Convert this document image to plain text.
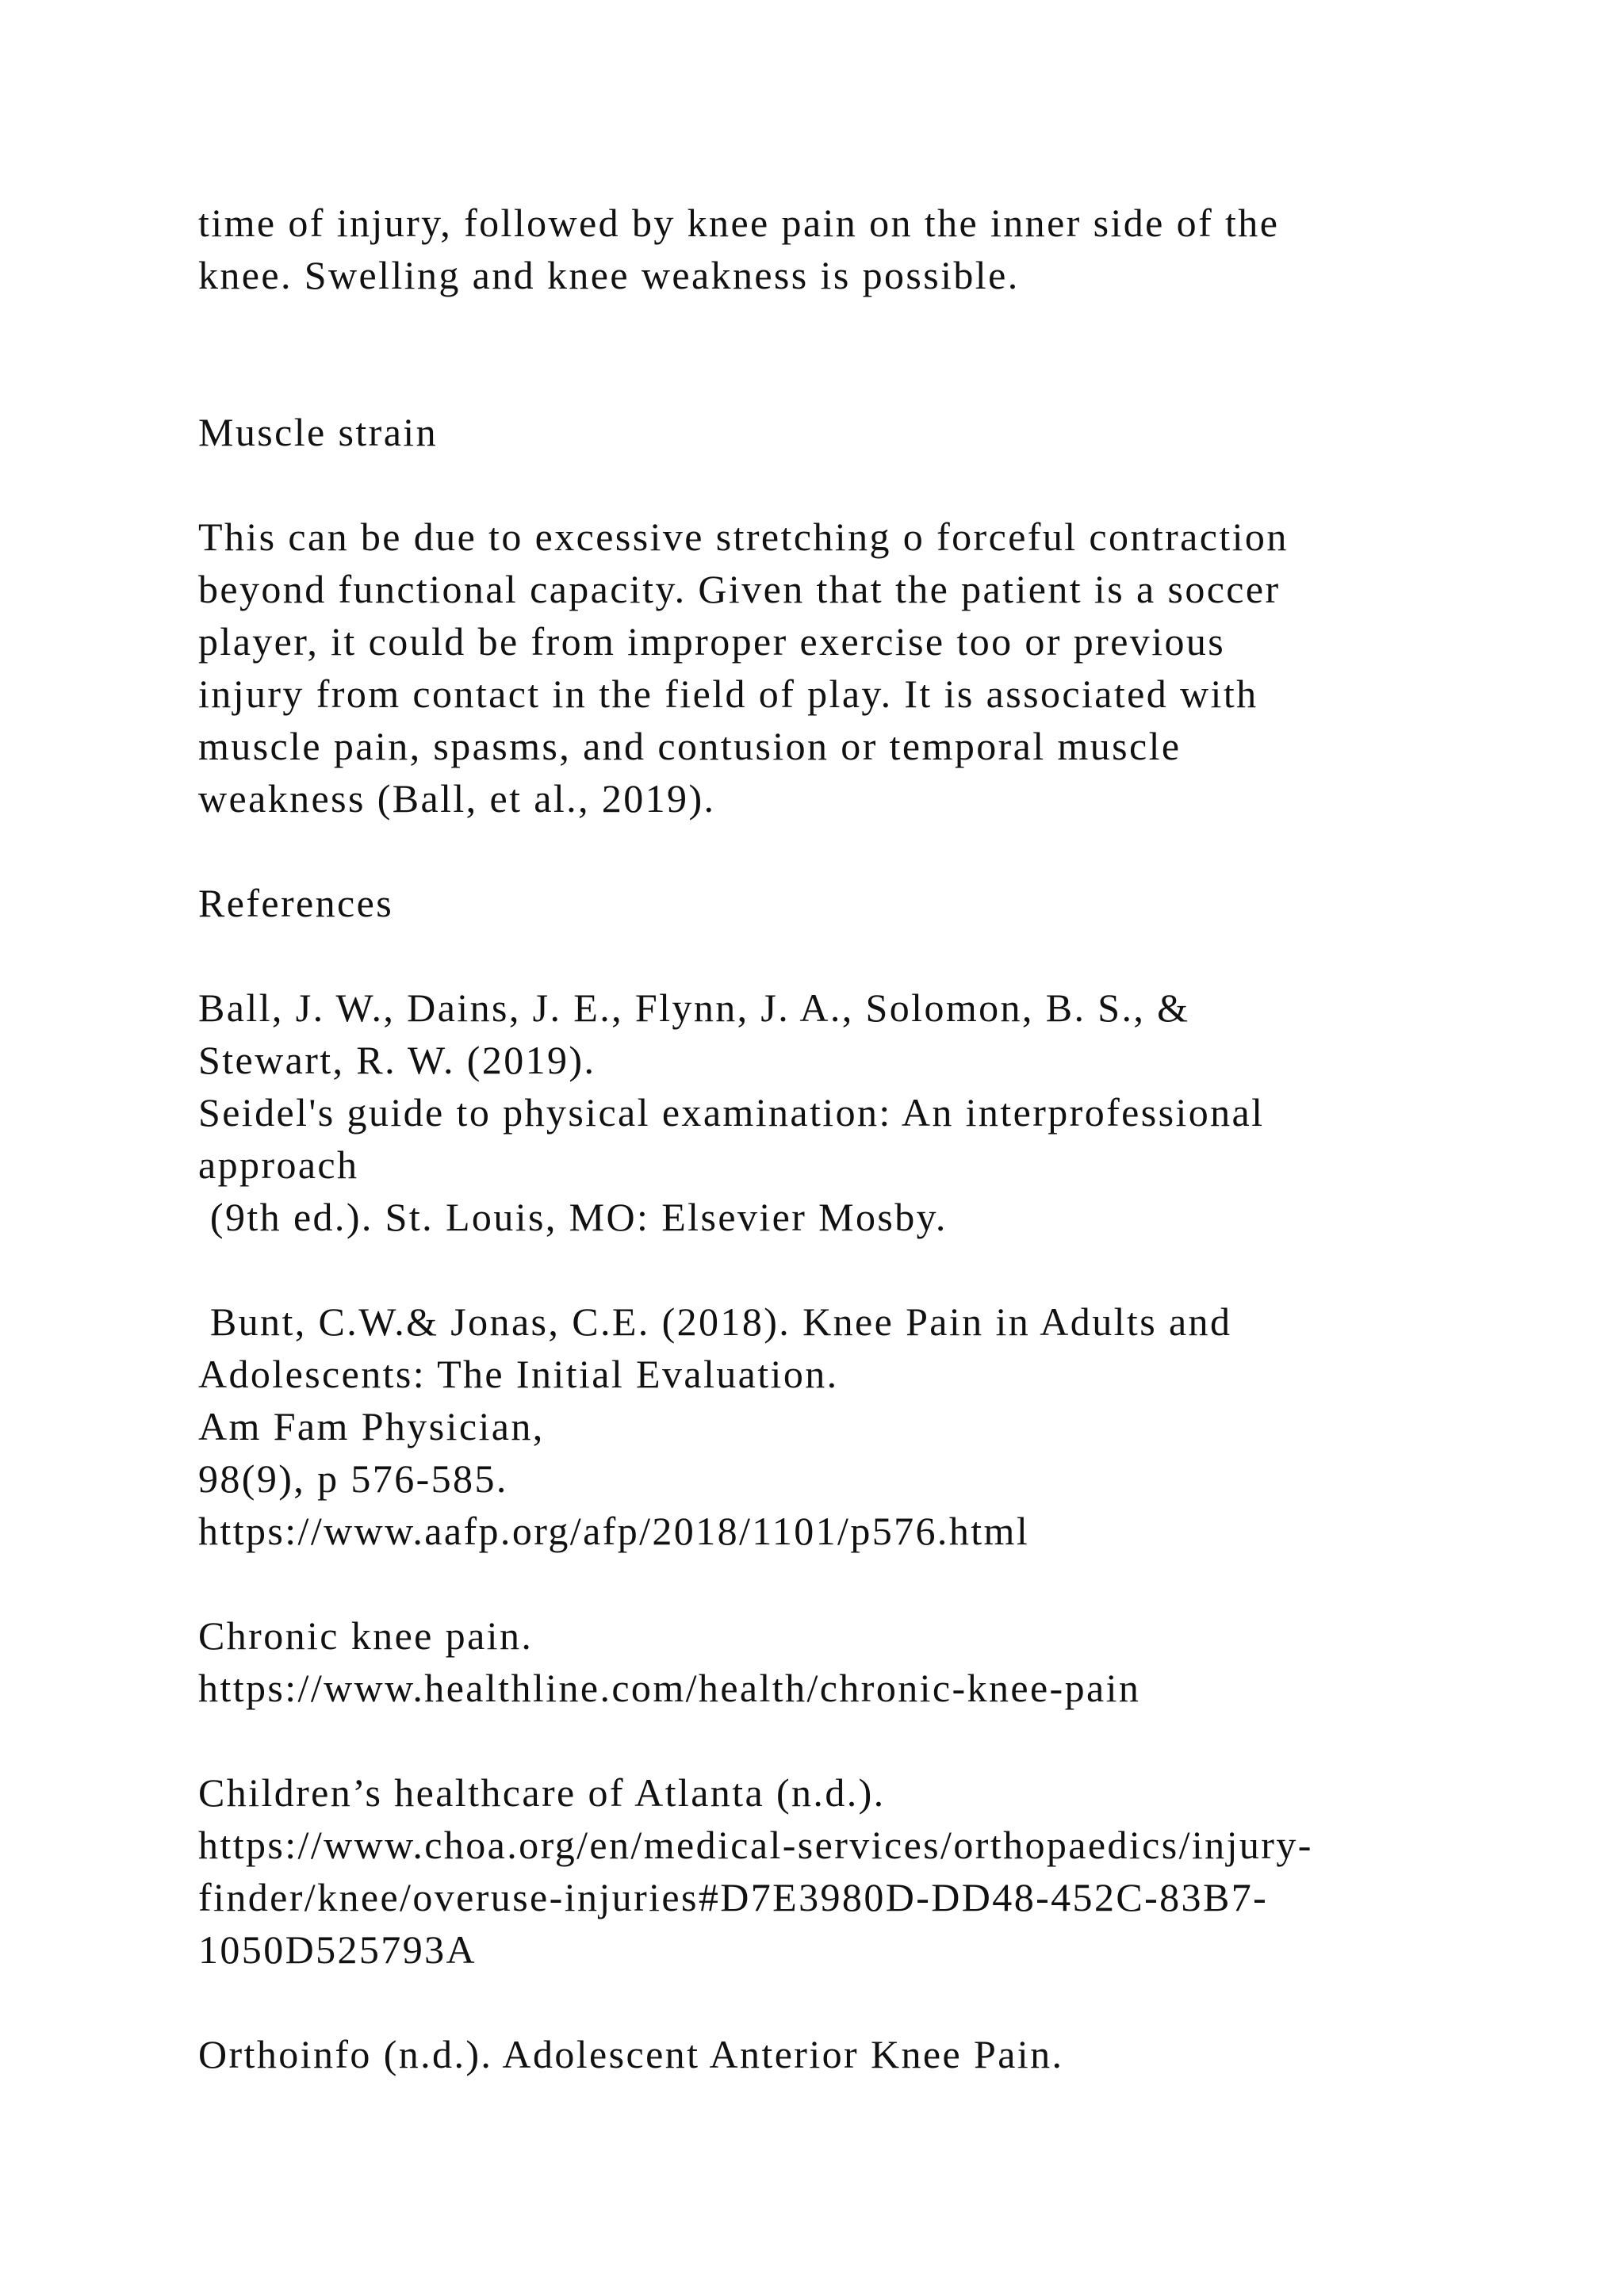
time of injury, followed by knee pain on the inner side of the
knee. Swelling and knee weakness is possible.
Muscle strain
This can be due to excessive stretching o forceful contraction
beyond functional capacity. Given that the patient is a soccer
player, it could be from improper exercise too or previous
injury from contact in the field of play. It is associated with
muscle pain, spasms, and contusion or temporal muscle
weakness (Ball, et al., 2019).
References
Ball, J. W., Dains, J. E., Flynn, J. A., Solomon, B. S., &
Stewart, R. W. (2019).
Seidel's guide to physical examination: An interprofessional
approach
(9th ed.). St. Louis, MO: Elsevier Mosby.
Bunt, C.W.& Jonas, C.E. (2018). Knee Pain in Adults and
Adolescents: The Initial Evaluation.
Am Fam Physician,
98(9), p 576-585.
https://www.aafp.org/afp/2018/1101/p576.html
Chronic knee pain.
https://www.healthline.com/health/chronic-knee-pain
Children’s healthcare of Atlanta (n.d.).
https://www.choa.org/en/medical-services/orthopaedics/injury-
finder/knee/overuse-injuries#D7E3980D-DD48-452C-83B7-
1050D525793A
Orthoinfo (n.d.). Adolescent Anterior Knee Pain.
